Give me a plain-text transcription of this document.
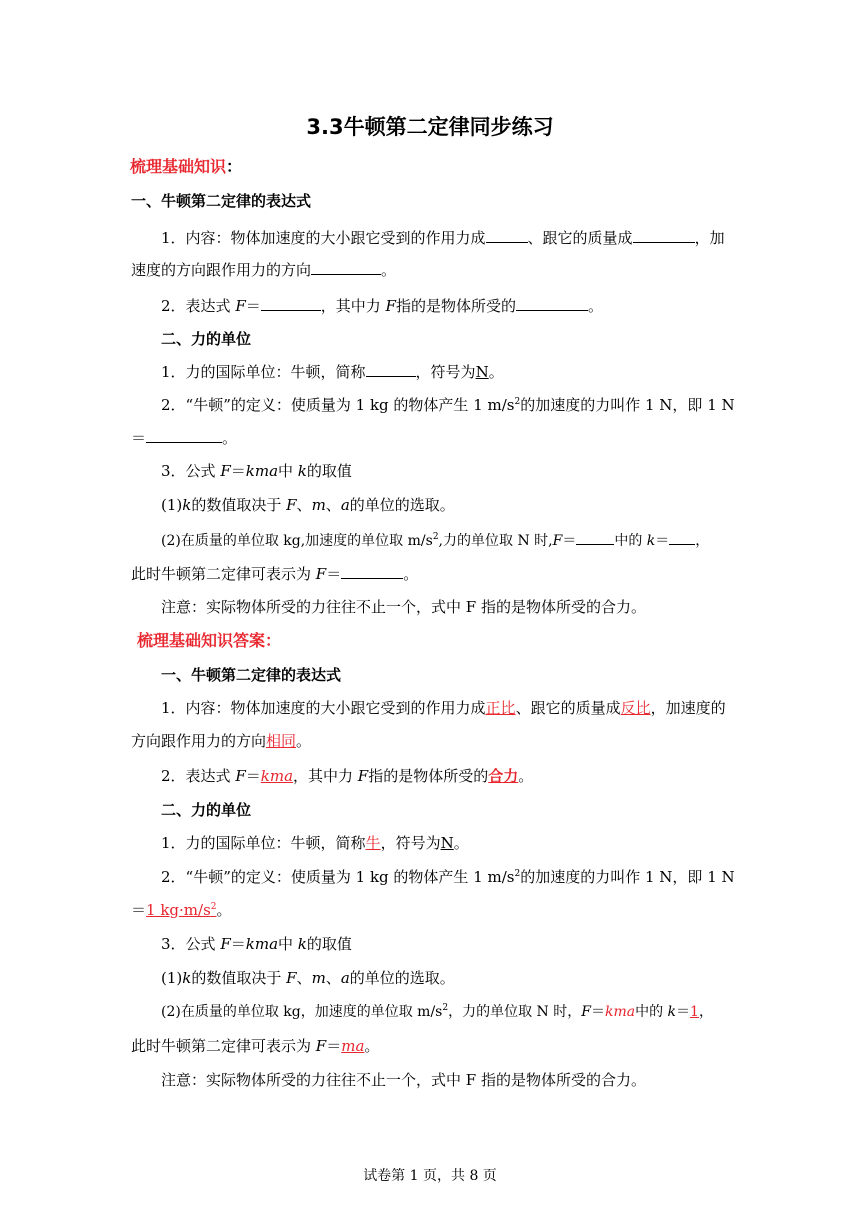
3.3牛顿第二定律同步练习
梳理基础知识：
一、牛顿第二定律的表达式
1．内容：物体加速度的大小跟它受到的作用力成	、跟它的质量成	，加
速度的方向跟作用力的方向	。
2．表达式 F＝	，其中力 F指的是物体所受的	。
二、力的单位
1．力的国际单位：牛顿，简称	，符号为N。
2．“牛顿”的定义：使质量为 1 kg 的物体产生 1 $m/s^2$的加速度的力叫作 1 N，即 1 N
＝	。
3．公式 F＝kma中 k的取值
(1)k的数值取决于 F、m、a的单位的选取。
(2)在质量的单位取 kg,加速度的单位取 $m/s^2$,力的单位取 N 时,F＝	中的 k＝ ，
此时牛顿第二定律可表示为 F＝	。
注意：实际物体所受的力往往不止一个，式中 F 指的是物体所受的合力。
梳理基础知识答案：
一、牛顿第二定律的表达式
1．内容：物体加速度的大小跟它受到的作用力成正比、跟它的质量成反比，加速度的
方向跟作用力的方向相同。
2．表达式 F＝kma，其中力 F指的是物体所受的合力。
二、力的单位
1．力的国际单位：牛顿，简称牛，符号为N。
2．“牛顿”的定义：使质量为 1 kg 的物体产生 1 $m/s^2$的加速度的力叫作 1 N，即 1 N
＝1 $kg\cdot m/s^2$。
3．公式 F＝kma中 k的取值
(1)k的数值取决于 F、m、a的单位的选取。
(2)在质量的单位取 kg，加速度的单位取 $m/s^2$，力的单位取 N 时，F＝kma中的 k＝1，
此时牛顿第二定律可表示为 F＝ma。
注意：实际物体所受的力往往不止一个，式中 F 指的是物体所受的合力。
试卷第 1 页，共 8 页
